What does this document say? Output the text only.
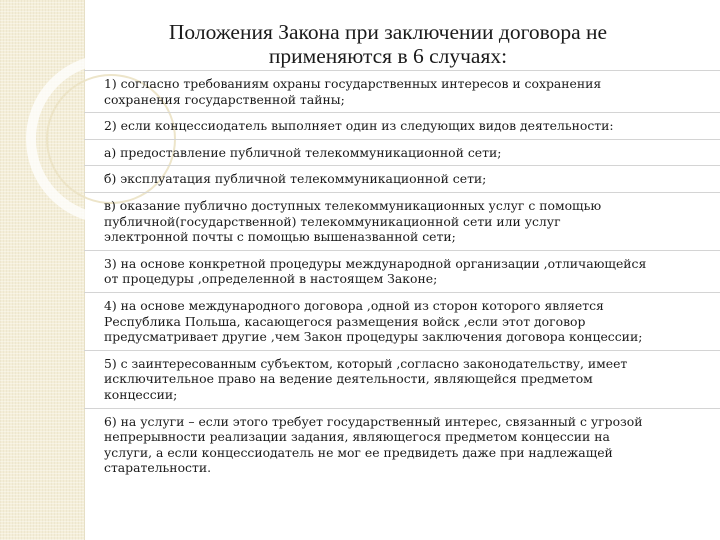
Положения Закона при заключении договора не
применяются в 6 случаях:
1) согласно требованиям охраны государственных интересов и сохранения
сохранения государственной тайны;
2) если концессиодатель выполняет один из следующих видов деятельности:
а) предоставление публичной телекоммуникационной сети;
б) эксплуатация публичной телекоммуникационной сети;
в) оказание публично доступных телекоммуникационных услуг с помощью
публичной(государственной) телекоммуникационной сети или услуг
электронной почты с помощью вышеназванной сети;
3) на основе конкретной процедуры международной организации ,отличающейся
от процедуры ,определенной в настоящем Законе;
4) на основе международного договора ,одной из сторон которого является
Республика Польша, касающегося размещения войск ,если этот договор
предусматривает другие ,чем Закон процедуры заключения договора концессии;
5) с заинтересованным субъектом, который ,согласно законодательству, имеет
исключительное право на ведение деятельности, являющейся предметом
концессии;
6) на услуги – если этого требует государственный интерес, связанный с угрозой
непрерывности реализации задания, являющегося предметом концессии на
услуги, а если концессиодатель не мог ее предвидеть даже при надлежащей
старательности.
